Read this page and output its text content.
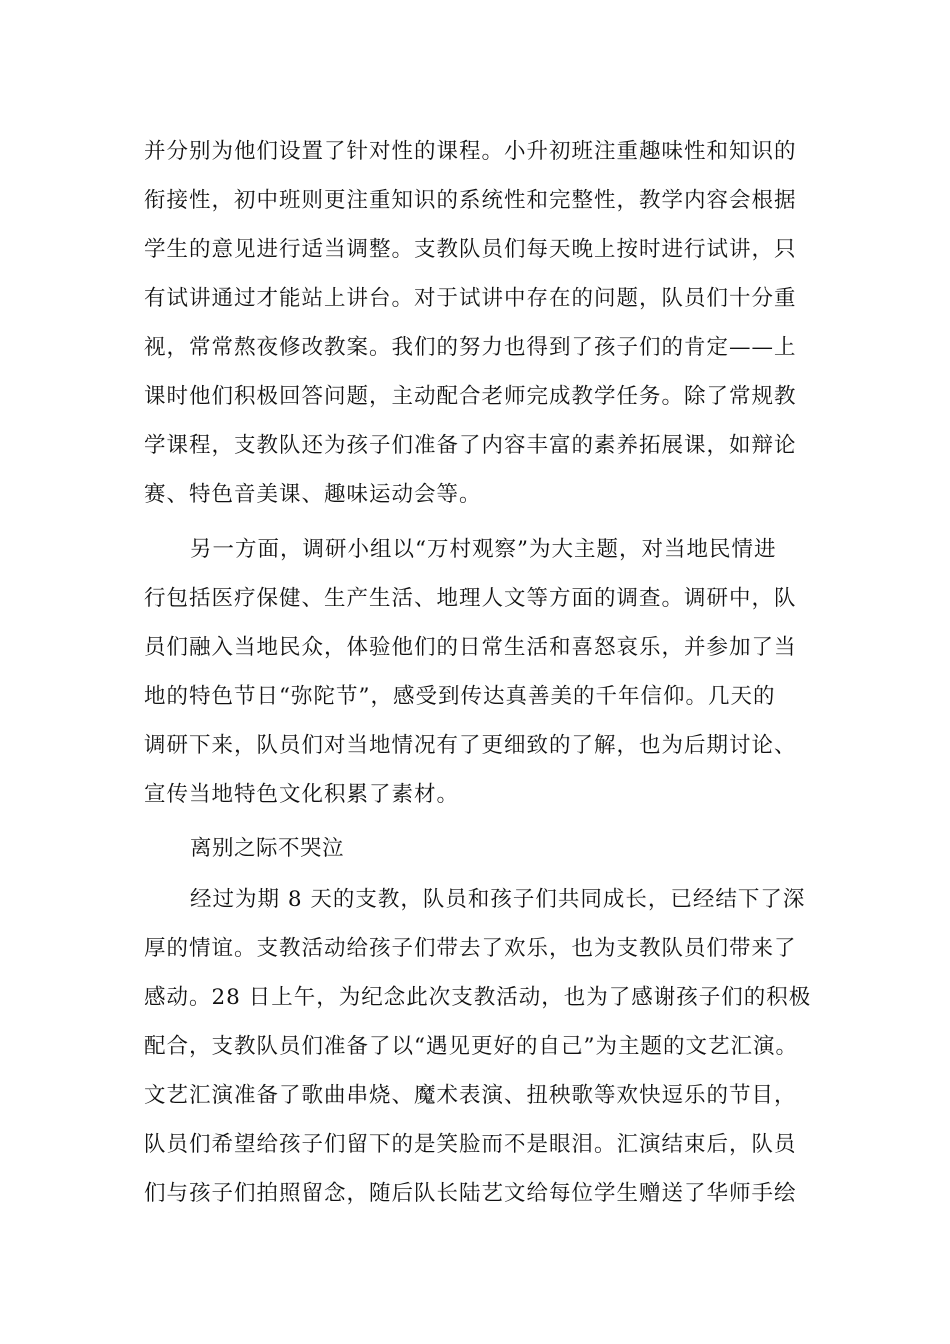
并分别为他们设置了针对性的课程。小升初班注重趣味性和知识的
衔接性，初中班则更注重知识的系统性和完整性，教学内容会根据
学生的意见进行适当调整。支教队员们每天晚上按时进行试讲，只
有试讲通过才能站上讲台。对于试讲中存在的问题，队员们十分重
视，常常熬夜修改教案。我们的努力也得到了孩子们的肯定——上
课时他们积极回答问题，主动配合老师完成教学任务。除了常规教
学课程，支教队还为孩子们准备了内容丰富的素养拓展课，如辩论
赛、特色音美课、趣味运动会等。
另一方面，调研小组以“万村观察”为大主题，对当地民情进
行包括医疗保健、生产生活、地理人文等方面的调查。调研中，队
员们融入当地民众，体验他们的日常生活和喜怒哀乐，并参加了当
地的特色节日“弥陀节”，感受到传达真善美的千年信仰。几天的
调研下来，队员们对当地情况有了更细致的了解，也为后期讨论、
宣传当地特色文化积累了素材。
离别之际不哭泣
经过为期 8 天的支教，队员和孩子们共同成长，已经结下了深
厚的情谊。支教活动给孩子们带去了欢乐，也为支教队员们带来了
感动。28 日上午，为纪念此次支教活动，也为了感谢孩子们的积极
配合，支教队员们准备了以“遇见更好的自己”为主题的文艺汇演。
文艺汇演准备了歌曲串烧、魔术表演、扭秧歌等欢快逗乐的节目，
队员们希望给孩子们留下的是笑脸而不是眼泪。汇演结束后，队员
们与孩子们拍照留念，随后队长陆艺文给每位学生赠送了华师手绘
